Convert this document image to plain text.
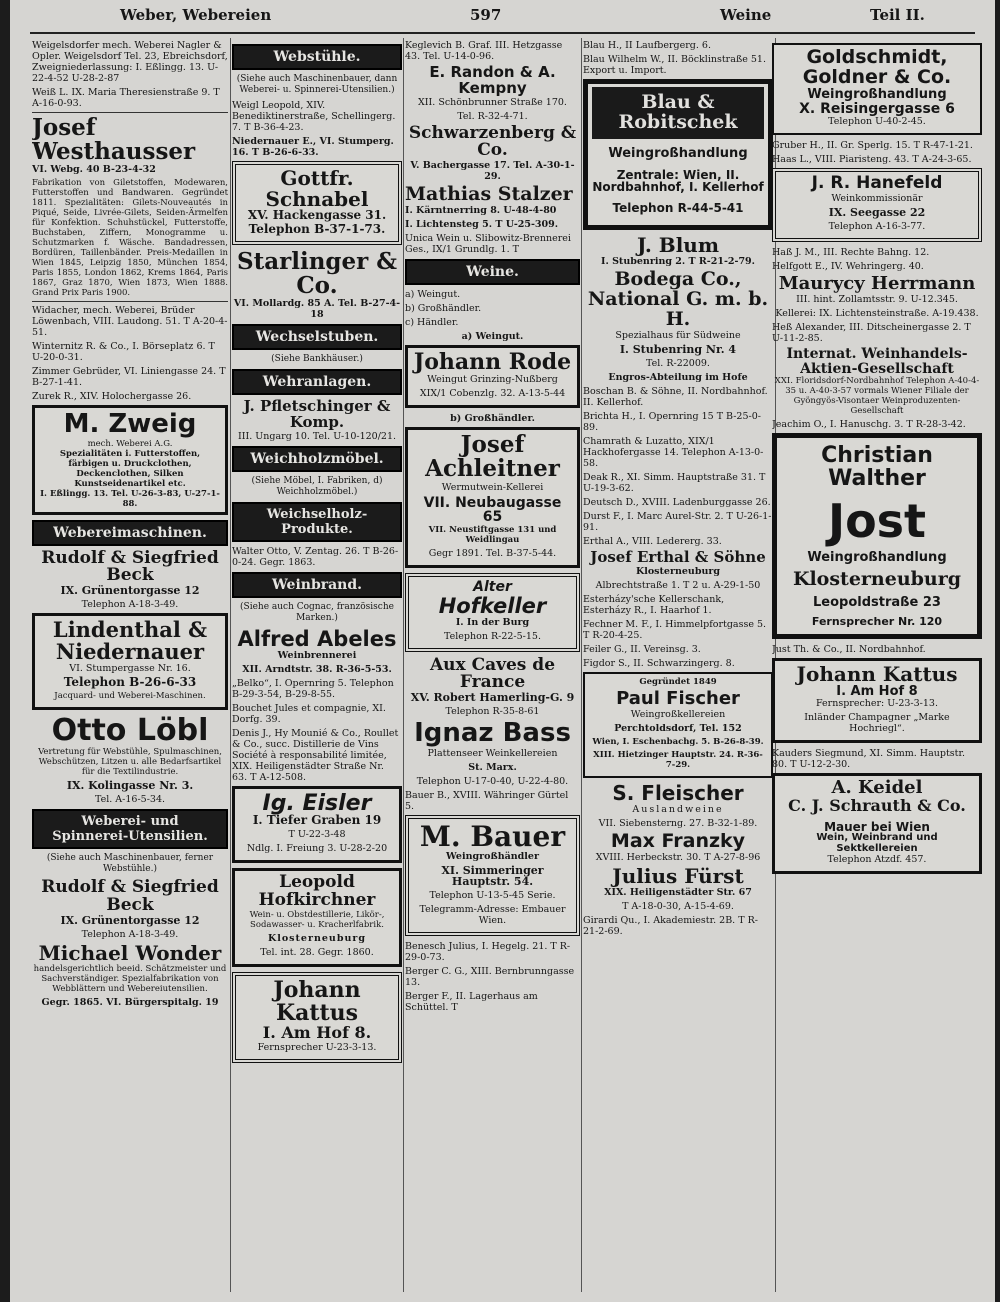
Weber, Webereien	597	Weine	Teil II.
Weigelsdorfer mech. Weberei Nagler & Opler. Weigelsdorf Tel. 23, Ebreichsdorf, Zweigniederlassung: I. Eßlingg. 13. U-22-4-52 U-28-2-87
Weiß L. IX. Maria Theresienstraße 9. T A-16-0-93.
Josef Westhausser
VI. Webg. 40 B-23-4-32
Fabrikation von Giletstoffen, Modewaren, Futterstoffen und Bandwaren. Gegründet 1811. Spezialitäten: Gilets-Nouveautés in Piqué, Seide, Livrée-Gilets, Seiden-Ärmelfen für Konfektion. Schuhstückel, Futterstoffe, Buchstaben, Ziffern, Monogramme u. Schutzmarken f. Wäsche. Bandadressen, Bordüren, Taillenbänder. Preis-Medaillen in Wien 1845, Leipzig 1850, München 1854, Paris 1855, London 1862, Krems 1864, Paris 1867, Graz 1870, Wien 1873, Wien 1888. Grand Prix Paris 1900.
Widacher, mech. Weberei, Brüder Löwenbach, VIII. Laudong. 51. T A-20-4-51.
Winternitz R. & Co., I. Börseplatz 6. T U-20-0-31.
Zimmer Gebrüder, VI. Liniengasse 24. T B-27-1-41.
Zurek R., XIV. Holochergasse 26.
M. Zweig
mech. Weberei A.G.
Spezialitäten i. Futterstoffen, färbigen u. Druckclothen, Deckenclothen, Silken Kunstseidenartikel etc.
I. Eßlingg. 13. Tel. U-26-3-83, U-27-1-88.
Webereimaschinen.
Rudolf & Siegfried Beck
IX. Grünentorgasse 12
Telephon A-18-3-49.
Lindenthal & Niedernauer
VI. Stumpergasse Nr. 16.
Telephon B-26-6-33
Jacquard- und Weberei-Maschinen.
Otto Löbl
Vertretung für Webstühle, Spulmaschinen, Webschützen, Litzen u. alle Bedarfsartikel für die Textilindustrie.
IX. Kolingasse Nr. 3.
Tel. A-16-5-34.
Weberei- und
Spinnerei-Utensilien.
(Siehe auch Maschinenbauer, ferner Webstühle.)
Rudolf & Siegfried Beck
IX. Grünentorgasse 12
Telephon A-18-3-49.
Michael Wonder
handelsgerichtlich beeid. Schätzmeister und Sachverständiger. Spezialfabrikation von Webblättern und Webereiutensilien.
Gegr. 1865. VI. Bürgerspitalg. 19
Webstühle.
(Siehe auch Maschinenbauer, dann Weberei- u. Spinnerei-Utensilien.)
Weigl Leopold, XIV. Benediktinerstraße, Schellingerg. 7. T B-36-4-23.
Niedernauer E., VI. Stumperg. 16. T B-26-6-33.
Gottfr. Schnabel
XV. Hackengasse 31.
Telephon B-37-1-73.
Starlinger & Co.
VI. Mollardg. 85 A. Tel. B-27-4-18
Wechselstuben.
(Siehe Bankhäuser.)
Wehranlagen.
J. Pfletschinger & Komp.
III. Ungarg 10. Tel. U-10-120/21.
Weichholzmöbel.
(Siehe Möbel, I. Fabriken, d) Weichholzmöbel.)
Weichselholz-Produkte.
Walter Otto, V. Zentag. 26. T B-26-0-24. Gegr. 1863.
Weinbrand.
(Siehe auch Cognac, französische Marken.)
Alfred Abeles
Weinbrennerei
XII. Arndtstr. 38. R-36-5-53.
„Belko“, I. Opernring 5. Telephon B-29-3-54, B-29-8-55.
Bouchet Jules et compagnie, XI. Dorfg. 39.
Denis J., Hy Mounié & Co., Roullet & Co., succ. Distillerie de Vins Société à responsabilité limitée, XIX. Heiligenstädter Straße Nr. 63. T A-12-508.
Ig. Eisler
I. Tiefer Graben 19
T U-22-3-48
Ndlg. I. Freiung 3. U-28-2-20
Leopold Hofkirchner
Wein- u. Obstdestillerie, Likör-, Sodawasser- u. Kracherlfabrik.
Klosterneuburg
Tel. int. 28. Gegr. 1860.
Johann Kattus
I. Am Hof 8.
Fernsprecher U-23-3-13.
Keglevich B. Graf. III. Hetzgasse 43. Tel. U-14-0-96.
E. Randon & A. Kempny
XII. Schönbrunner Straße 170.
Tel. R-32-4-71.
Schwarzenberg & Co.
V. Bachergasse 17. Tel. A-30-1-29.
Mathias Stalzer
I. Kärntnerring 8. U-48-4-80
I. Lichtensteg 5. T U-25-309.
Unica Wein u. Slibowitz-Brennerei Ges., IX/1 Grundlg. 1. T
Weine.
a) Weingut.
b) Großhändler.
c) Händler.
a) Weingut.
Johann Rode
Weingut Grinzing-Nußberg
XIX/1 Cobenzlg. 32. A-13-5-44
b) Großhändler.
Josef Achleitner
Wermutwein-Kellerei
VII. Neubaugasse 65
VII. Neustiftgasse 131 und Weidlingau
Gegr 1891. Tel. B-37-5-44.
Alter
Hofkeller
I. In der Burg
Telephon R-22-5-15.
Aux Caves de France
XV. Robert Hamerling-G. 9
Telephon R-35-8-61
Ignaz Bass
Plattenseer Weinkellereien
St. Marx.
Telephon U-17-0-40, U-22-4-80.
Bauer B., XVIII. Währinger Gürtel 5.
M. Bauer
Weingroßhändler
XI. Simmeringer Hauptstr. 54.
Telephon U-13-5-45 Serie.
Telegramm-Adresse: Embauer Wien.
Benesch Julius, I. Hegelg. 21. T R-29-0-73.
Berger C. G., XIII. Bernbrunngasse 13.
Berger F., II. Lagerhaus am Schüttel. T
Blau H., II Laufbergerg. 6.
Blau Wilhelm W., II. Böcklinstraße 51. Export u. Import.
Blau & Robitschek
Weingroßhandlung
Zentrale: Wien, II.
Nordbahnhof, I. Kellerhof
Telephon R-44-5-41
J. Blum
I. Stubenring 2. T R-21-2-79.
Bodega Co., National G. m. b. H.
Spezialhaus für Südweine
I. Stubenring Nr. 4
Tel. R-22009.
Engros-Abteilung im Hofe
Boschan B. & Söhne, II. Nordbahnhof. II. Kellerhof.
Brichta H., I. Opernring 15 T B-25-0-89.
Chamrath & Luzatto, XIX/1 Hackhofergasse 14. Telephon A-13-0-58.
Deak R., XI. Simm. Hauptstraße 31. T U-19-3-62.
Deutsch D., XVIII. Ladenburggasse 26.
Durst F., I. Marc Aurel-Str. 2. T U-26-1-91.
Erthal A., VIII. Ledererg. 33.
Josef Erthal & Söhne
Klosterneuburg
Albrechtstraße 1. T 2 u. A-29-1-50
Esterházy'sche Kellerschank, Esterházy R., I. Haarhof 1.
Fechner M. F., I. Himmelpfortgasse 5. T R-20-4-25.
Feiler G., II. Vereinsg. 3.
Figdor S., II. Schwarzingerg. 8.
Gegründet 1849
Paul Fischer
Weingroßkellereien
Perchtoldsdorf, Tel. 152
Wien, I. Eschenbachg. 5. B-26-8-39.
XIII. Hietzinger Hauptstr. 24. R-36-7-29.
S. Fleischer
Auslandweine
VII. Siebensterng. 27. B-32-1-89.
Max Franzky
XVIII. Herbeckstr. 30. T A-27-8-96
Julius Fürst
XIX. Heiligenstädter Str. 67
T A-18-0-30, A-15-4-69.
Girardi Qu., I. Akademiestr. 2B. T R-21-2-69.
Goldschmidt, Goldner & Co.
Weingroßhandlung
X. Reisingergasse 6
Telephon U-40-2-45.
Gruber H., II. Gr. Sperlg. 15. T R-47-1-21.
Haas L., VIII. Piaristeng. 43. T A-24-3-65.
J. R. Hanefeld
Weinkommissionär
IX. Seegasse 22
Telephon A-16-3-77.
Haß J. M., III. Rechte Bahng. 12.
Helfgott E., IV. Wehringerg. 40.
Maurycy Herrmann
III. hint. Zollamtsstr. 9. U-12.345.
Kellerei: IX. Lichtensteinstraße. A-19.438.
Heß Alexander, III. Ditscheinergasse 2. T U-11-2-85.
Internat. Weinhandels-Aktien-Gesellschaft
XXI. Floridsdorf-Nordbahnhof Telephon A-40-4-35 u. A-40-3-57 vormals Wiener Filiale der Gyöngyös-Visontaer Weinproduzenten-Gesellschaft
Jeachim O., I. Hanuschg. 3. T R-28-3-42.
Christian
Walther
Jost
Weingroßhandlung
Klosterneuburg
Leopoldstraße 23
Fernsprecher Nr. 120
Just Th. & Co., II. Nordbahnhof.
Johann Kattus
I. Am Hof 8
Fernsprecher: U-23-3-13.
Inländer Champagner „Marke Hochriegl“.
Kauders Siegmund, XI. Simm. Hauptstr. 80. T U-12-2-30.
A. Keidel
C. J. Schrauth & Co.
Mauer bei Wien
Wein, Weinbrand und Sektkellereien
Telephon Atzdf. 457.
